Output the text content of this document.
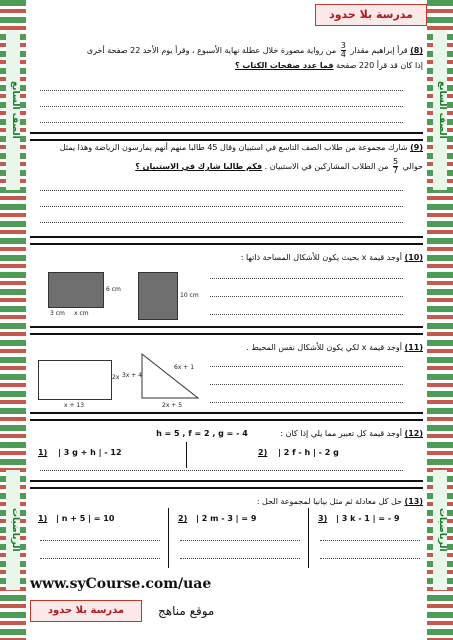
الصف السابع
الرياضيات
الصف السابع
الرياضيات
مدرسة بلا حدود
(8) قرأ إبراهيم مقدار
$\frac{3}{4}$
من رواية مصورة خلال عطلة نهاية الأسبوع ، وقرأ يوم الأحد 22 صفحة أخرى
إذا كان قد قرأ 220 صفحة فما عدد صفحات الكتاب ؟
(9) شارك مجموعة من طلاب الصف التاسع في استبيان وقال 45 طالبا منهم أنهم يمارسون الرياضة وهذا يمثل
حوالي
$\frac{5}{7}$
من الطلاب المشاركين في الاستبيان . فكم طالبا شارك في الاستبيان ؟
(10) أوجد قيمة x بحيث يكون للأشكال المساحة ذاتها :
6 cm
3 cm x cm
10 cm
(11) أوجد قيمة x لكي يكون للأشكال نفس المحيط .
2x
x + 13
3x + 4
6x + 1
2x + 5
(12) أوجد قيمة كل تعبير مما يلي إذا كان : h = 5 , f = 2 , g = - 4
1) | 3 g + h | - 12	2) | 2 f - h | - 2 g
(13) حل كل معادلة ثم مثل بيانيا لمجموعة الحل :
1) | n + 5 | = 10	2) | 2 m - 3 | = 9	3) | 3 k - 1 | = - 9
www.syCourse.com/uae
مدرسة بلا حدود	موقع مناهج
